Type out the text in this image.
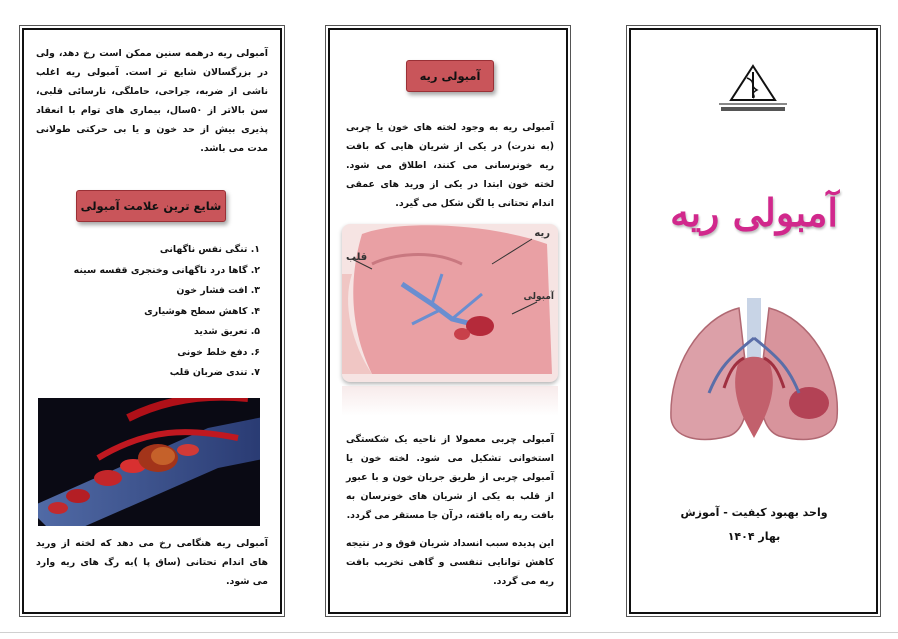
آمبولی ریه درهمه سنین ممکن است رخ دهد، ولی در بزرگسالان شایع تر است. آمبولی ریه اغلب ناشی از ضربه، جراحی، حاملگی، نارسائی قلبی، سن بالاتر از ۵۰سال، بیماری های توام با انعقاد پذیری بیش از حد خون و یا بی حرکتی طولانی مدت می باشد.

شایع ترین علامت آمبولی
۱. تنگی نفس ناگهانی
۲. گاها درد ناگهانی وخنجری قفسه سینه
۳. افت فشار خون
۴. کاهش سطح هوشیاری
۵. تعریق شدید
۶. دفع خلط خونی
۷. تندی ضربان قلب

آمبولی ریه هنگامی رخ می دهد که لخته از ورید های اندام تحتانی (ساق پا )به رگ های ریه وارد می شود.

آمبولی ریه

آمبولی ریه به وجود لخته های خون یا چربی (به ندرت) در یکی از شریان هایی که بافت ریه خونرسانی می کنند، اطلاق می شود. لخته خون ابتدا در یکی از ورید های عمقی اندام تحتانی یا لگن شکل می گیرد.

ریه
قلب
آمبولی

آمبولی چربی معمولا از ناحیه یک شکستگی استخوانی تشکیل می شود. لخته خون یا آمبولی چربی از طریق جریان خون و با عبور از قلب به یکی از شریان های خونرسان به بافت ریه راه یافته، درآن جا مستقر می گردد.

این پدیده سبب انسداد شریان فوق و در نتیجه کاهش توانایی تنفسی و گاهی تخریب بافت ریه می گردد.

آمبولی ریه
واحد بهبود کیفیت - آموزش
بهار ۱۴۰۴
